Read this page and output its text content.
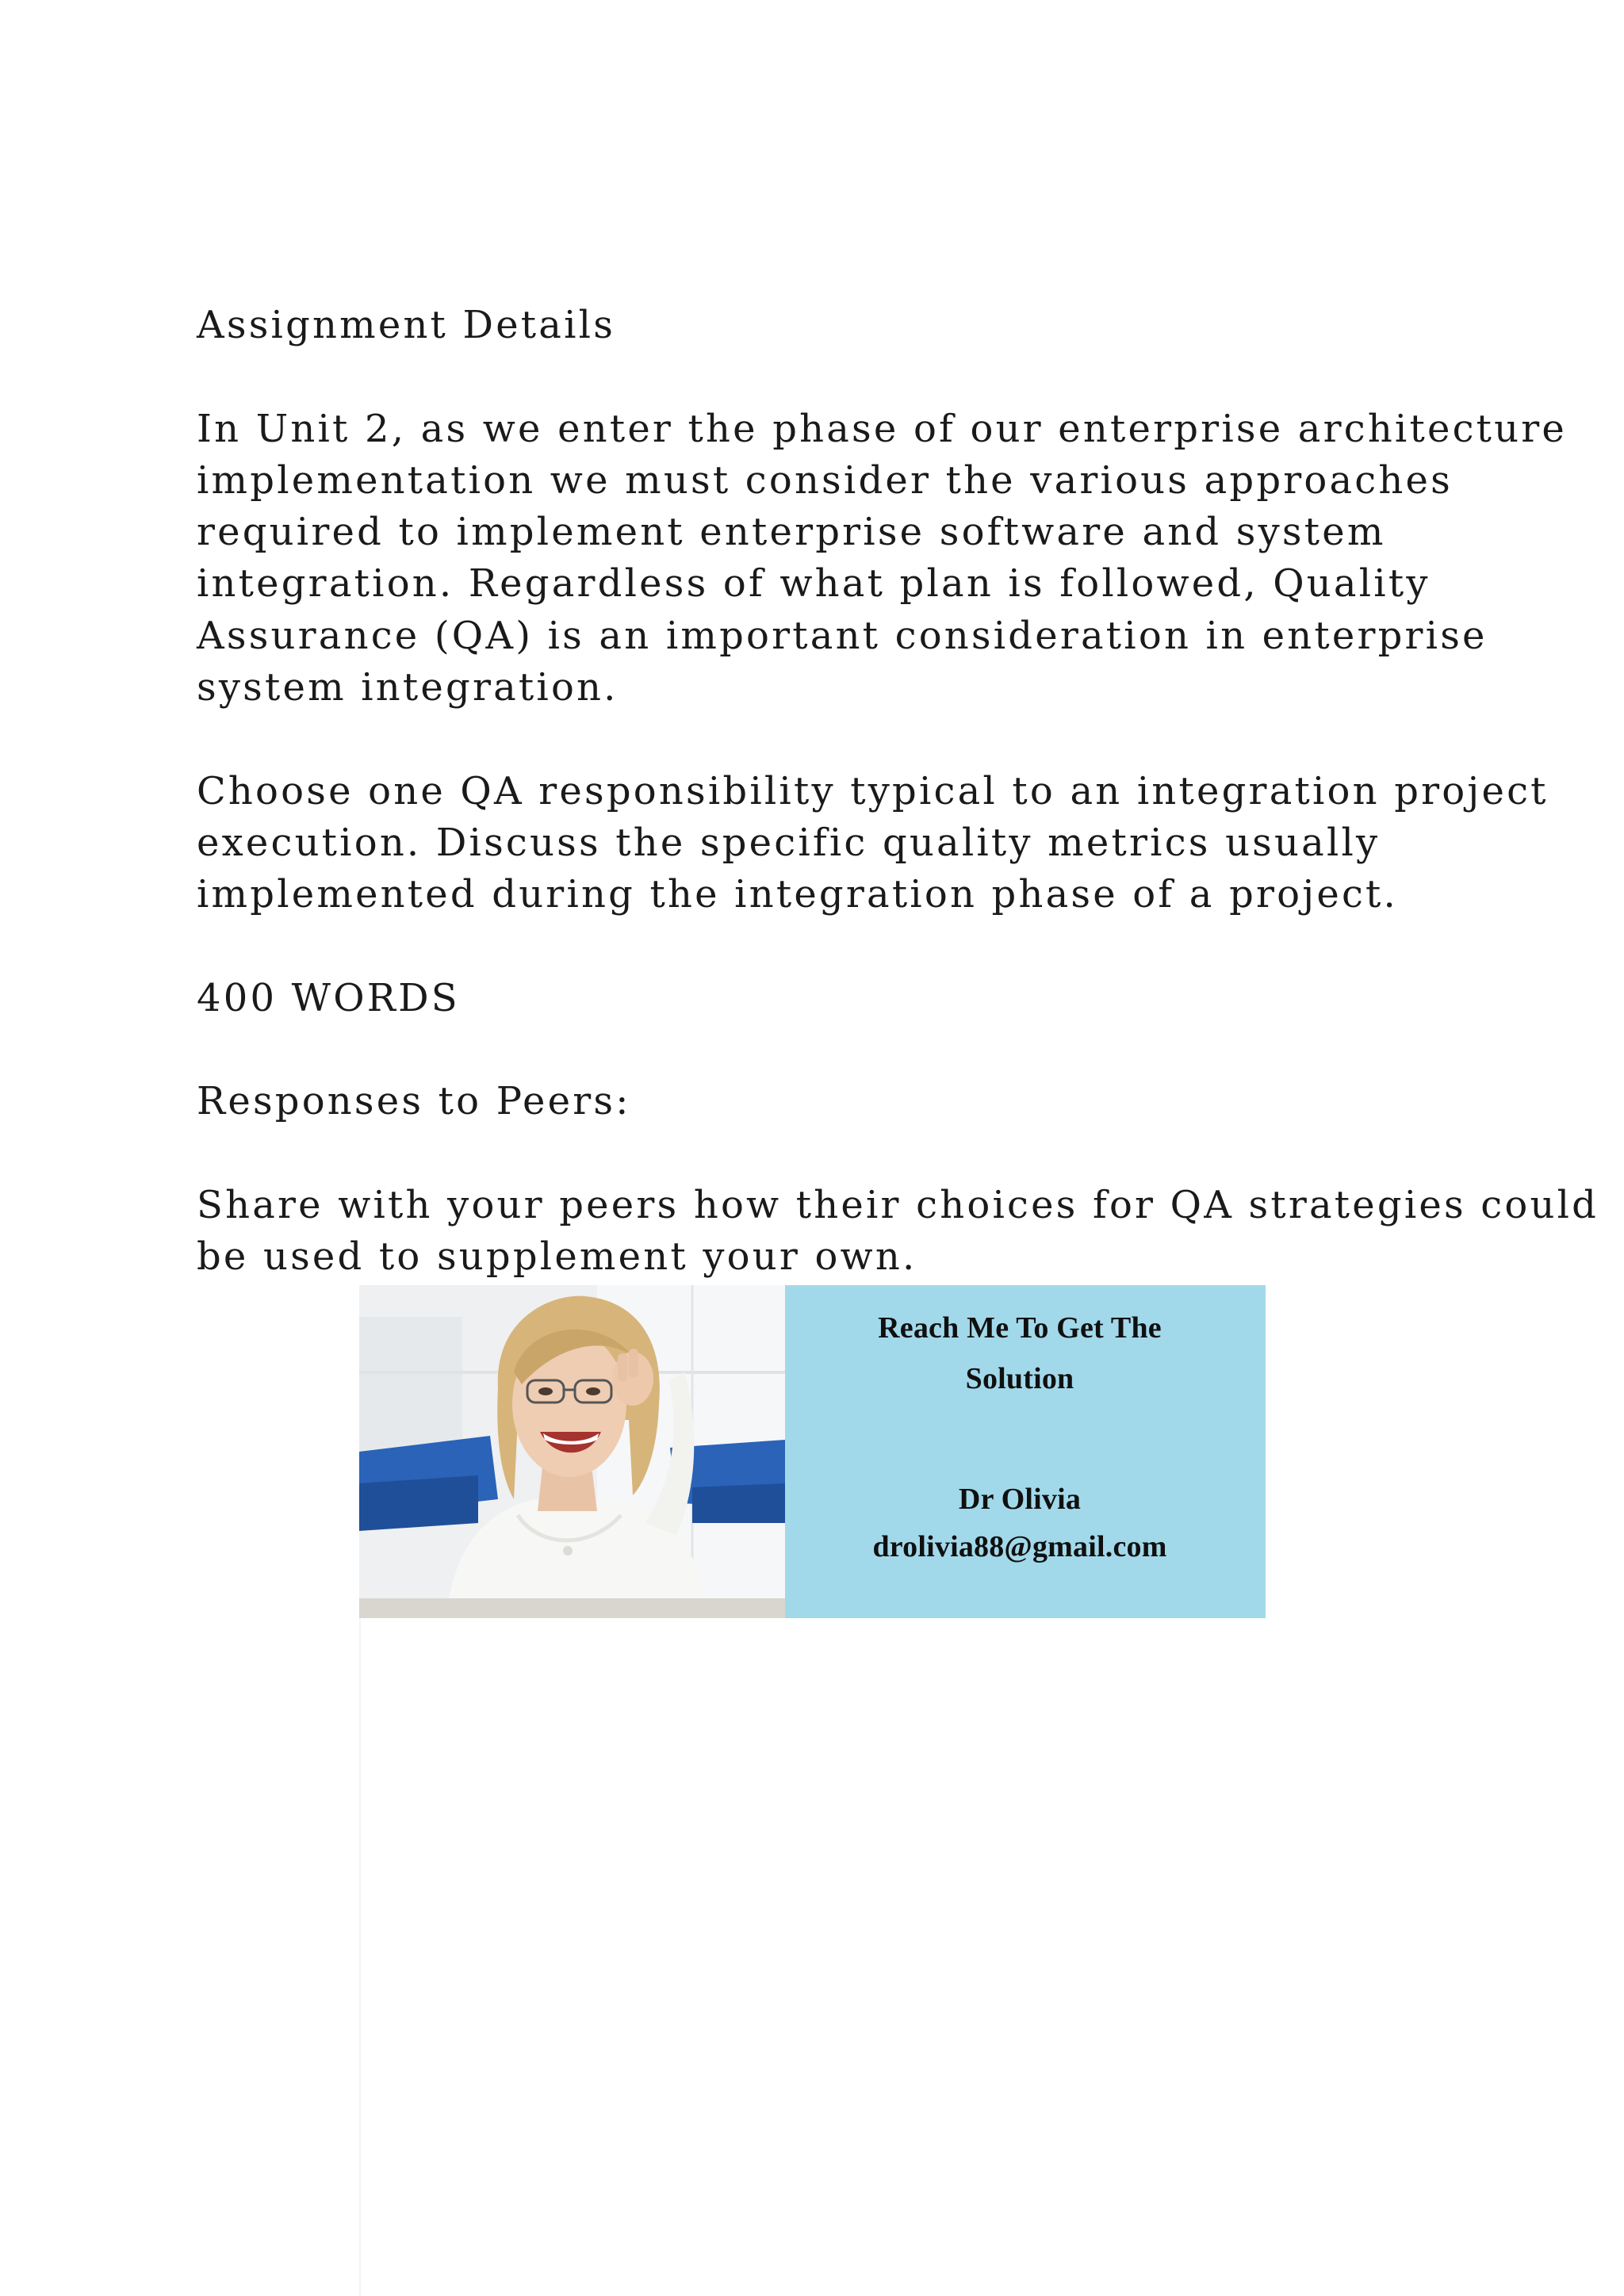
Assignment Details

In Unit 2, as we enter the phase of our enterprise architecture
implementation we must consider the various approaches
required to implement enterprise software and system
integration. Regardless of what plan is followed, Quality
Assurance (QA) is an important consideration in enterprise
system integration.

Choose one QA responsibility typical to an integration project
execution. Discuss the specific quality metrics usually
implemented during the integration phase of a project.

400 WORDS

Responses to Peers:

Share with your peers how their choices for QA strategies could
be used to supplement your own.

Reach Me To Get The
Solution
Dr Olivia
drolivia88@gmail.com
